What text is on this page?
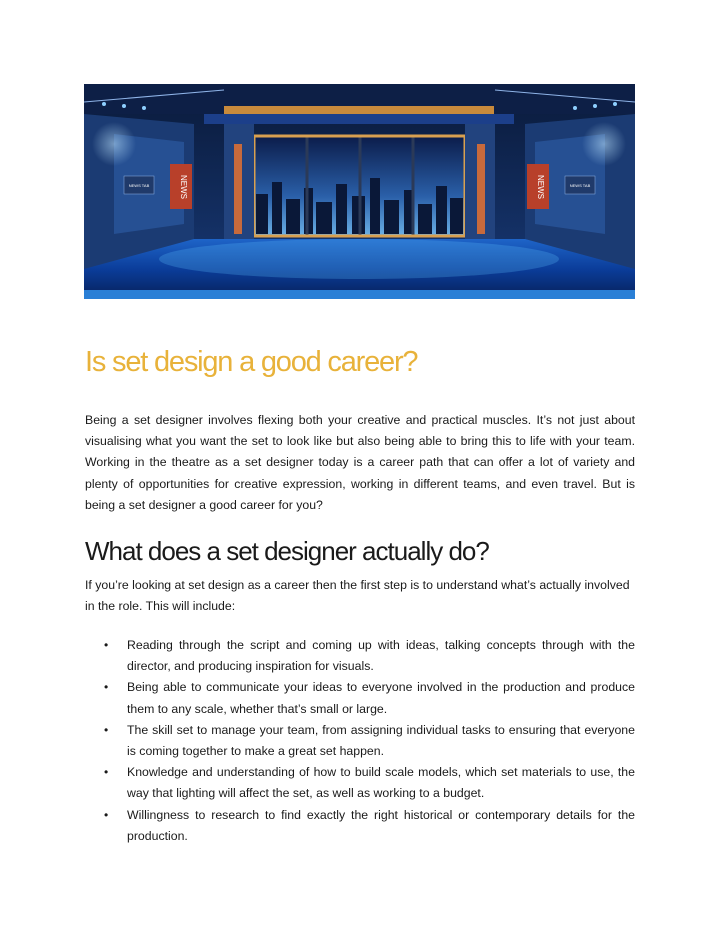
NEWS
NEWS TAB	NEWS	NEWS TAB
Is set design a good career?

Being a set designer involves flexing both your creative and practical muscles. It’s not just about visualising what you want the set to look like but also being able to bring this to life with your team. Working in the theatre as a set designer today is a career path that can offer a lot of variety and plenty of opportunities for creative expression, working in different teams, and even travel. But is being a set designer a good career for you?

What does a set designer actually do?

If you’re looking at set design as a career then the first step is to understand what’s actually involved in the role. This will include:

• Reading through the script and coming up with ideas, talking concepts through with the director, and producing inspiration for visuals.
• Being able to communicate your ideas to everyone involved in the production and produce them to any scale, whether that’s small or large.
• The skill set to manage your team, from assigning individual tasks to ensuring that everyone is coming together to make a great set happen.
• Knowledge and understanding of how to build scale models, which set materials to use, the way that lighting will affect the set, as well as working to a budget.
• Willingness to research to find exactly the right historical or contemporary details for the production.
